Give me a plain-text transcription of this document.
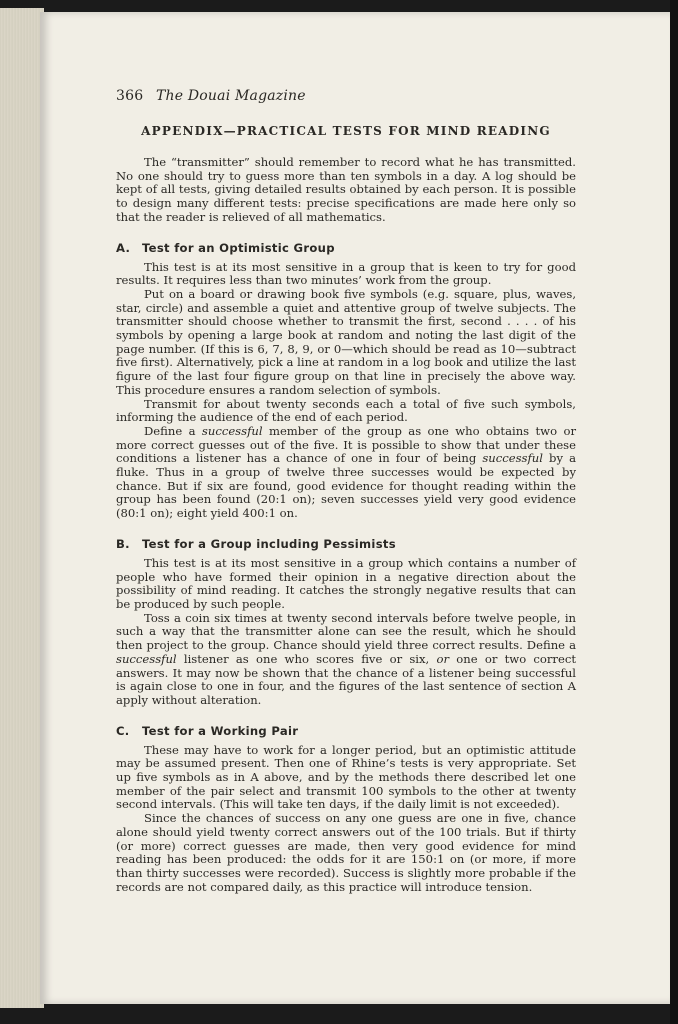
366 The Douai Magazine
APPENDIX—PRACTICAL TESTS FOR MIND READING

The “transmitter” should remember to record what he has transmitted. No one should try to guess more than ten symbols in a day. A log should be kept of all tests, giving detailed results obtained by each person. It is possible to design many different tests: precise specifications are made here only so that the reader is relieved of all mathematics.

A. Test for an Optimistic Group

This test is at its most sensitive in a group that is keen to try for good results. It requires less than two minutes’ work from the group.

Put on a board or drawing book five symbols (e.g. square, plus, waves, star, circle) and assemble a quiet and attentive group of twelve subjects. The transmitter should choose whether to transmit the first, second . . . . of his symbols by opening a large book at random and noting the last digit of the page number. (If this is 6, 7, 8, 9, or 0—which should be read as 10—subtract five first). Alternatively, pick a line at random in a log book and utilize the last figure of the last four figure group on that line in precisely the above way. This procedure ensures a random selection of symbols.

Transmit for about twenty seconds each a total of five such symbols, informing the audience of the end of each period.

Define a successful member of the group as one who obtains two or more correct guesses out of the five. It is possible to show that under these conditions a listener has a chance of one in four of being successful by a fluke. Thus in a group of twelve three successes would be expected by chance. But if six are found, good evidence for thought reading within the group has been found (20:1 on); seven successes yield very good evidence (80:1 on); eight yield 400:1 on.

B. Test for a Group including Pessimists

This test is at its most sensitive in a group which contains a number of people who have formed their opinion in a negative direction about the possibility of mind reading. It catches the strongly negative results that can be produced by such people.

Toss a coin six times at twenty second intervals before twelve people, in such a way that the transmitter alone can see the result, which he should then project to the group. Chance should yield three correct results. Define a successful listener as one who scores five or six, or one or two correct answers. It may now be shown that the chance of a listener being successful is again close to one in four, and the figures of the last sentence of section A apply without alteration.

C. Test for a Working Pair

These may have to work for a longer period, but an optimistic attitude may be assumed present. Then one of Rhine’s tests is very appropriate. Set up five symbols as in A above, and by the methods there described let one member of the pair select and transmit 100 symbols to the other at twenty second intervals. (This will take ten days, if the daily limit is not exceeded).

Since the chances of success on any one guess are one in five, chance alone should yield twenty correct answers out of the 100 trials. But if thirty (or more) correct guesses are made, then very good evidence for mind reading has been produced: the odds for it are 150:1 on (or more, if more than thirty successes were recorded). Success is slightly more probable if the records are not compared daily, as this practice will introduce tension.
